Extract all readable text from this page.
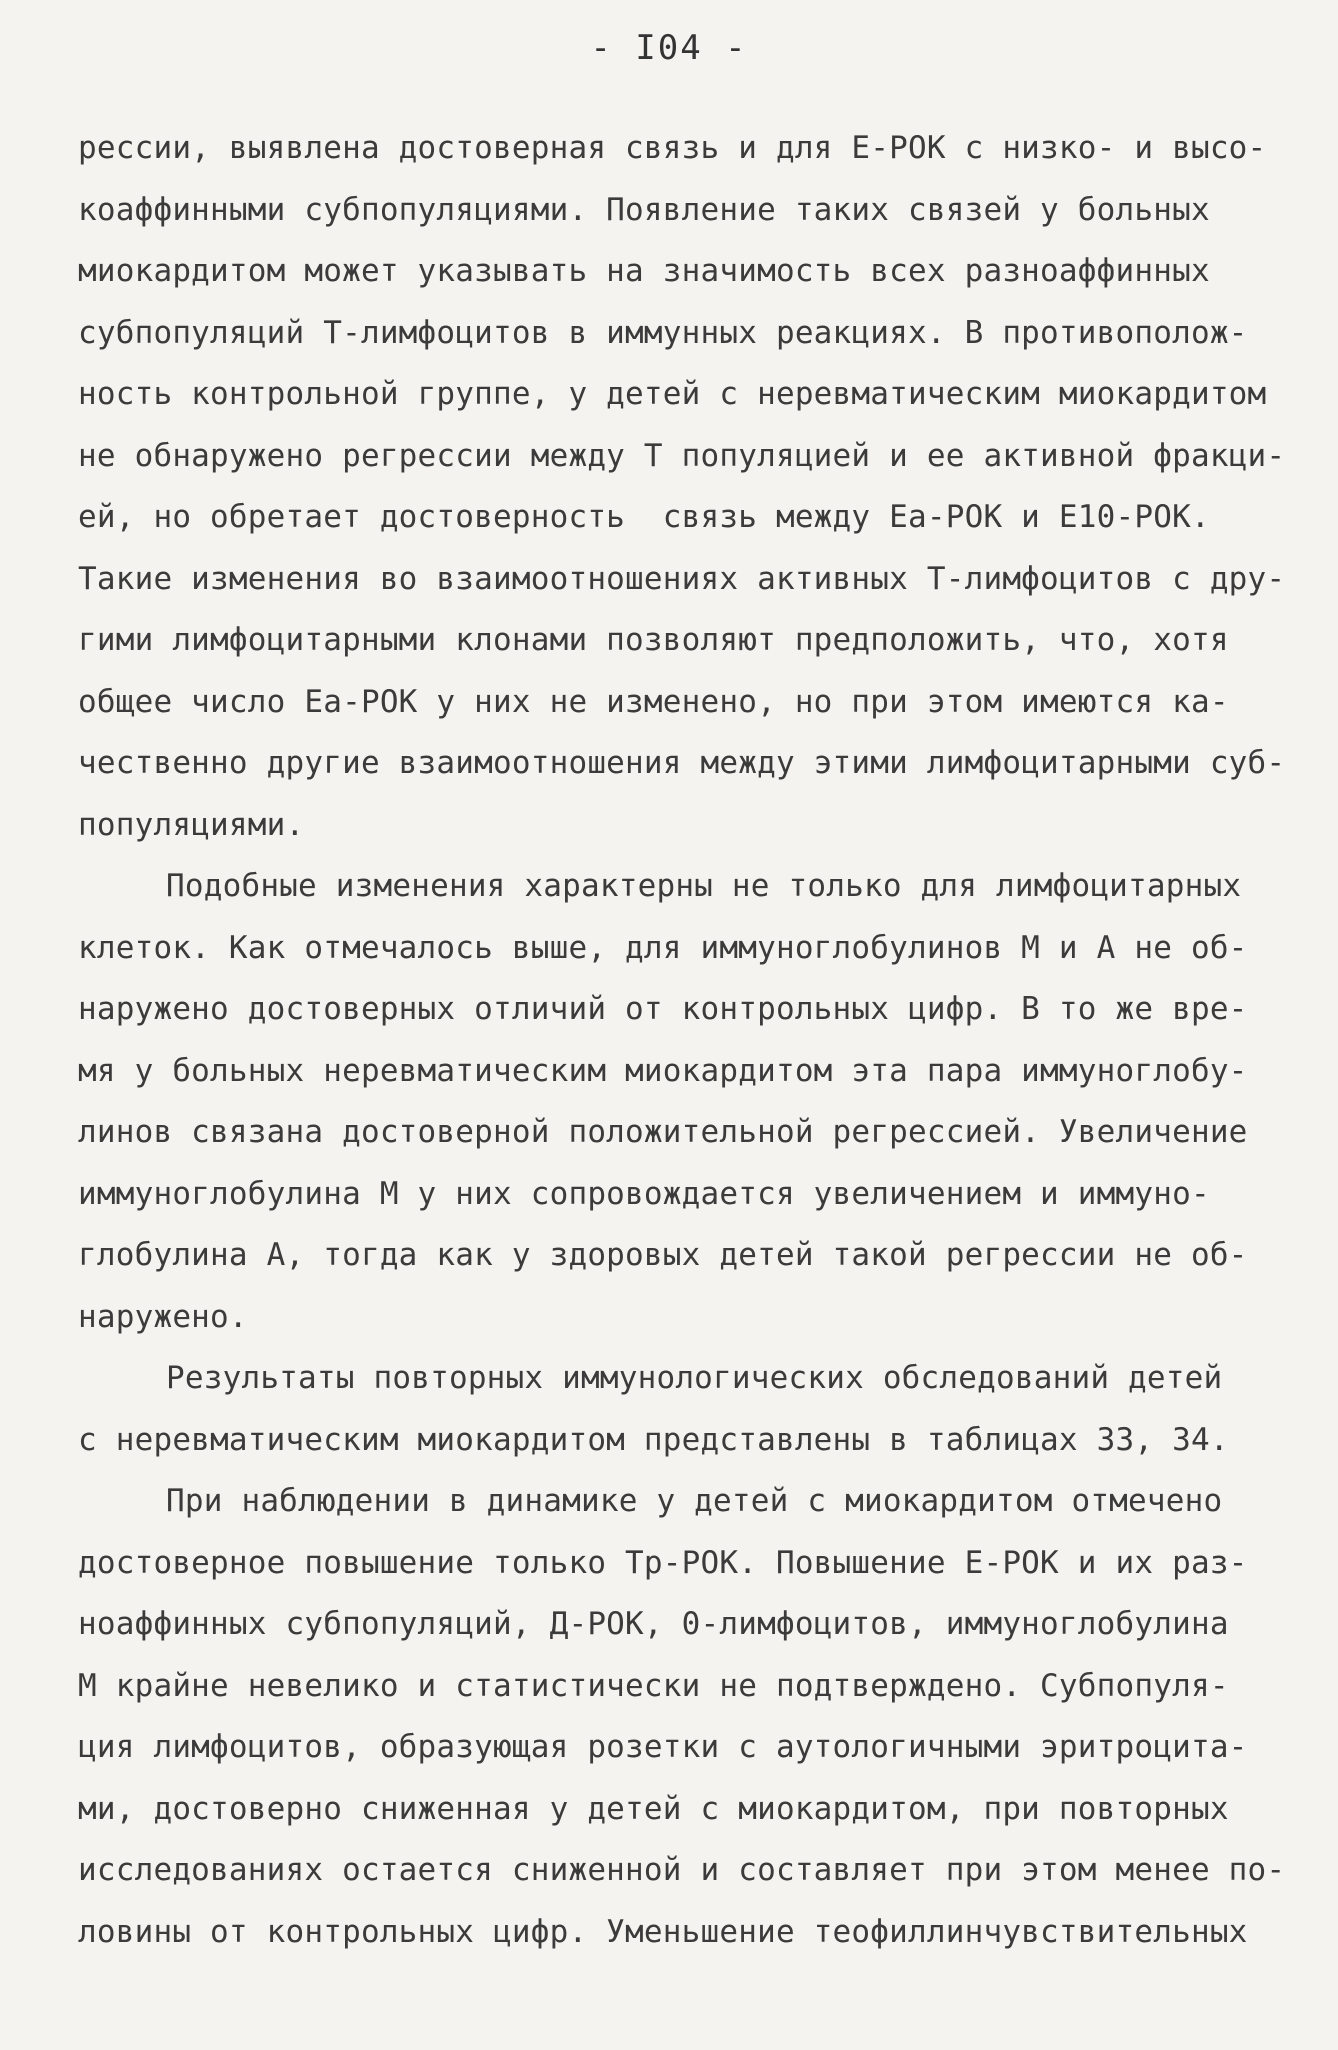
- I04 -
рессии, выявлена достоверная связь и для Е-РОК с низко- и высо-
коаффинными субпопуляциями. Появление таких связей у больных
миокардитом может указывать на значимость всех разноаффинных
субпопуляций Т-лимфоцитов в иммунных реакциях. В противополож-
ность контрольной группе, у детей с неревматическим миокардитом
не обнаружено регрессии между Т популяцией и ее активной фракци-
ей, но обретает достоверность  связь между Еа-РОК и Е10-РОК.
Такие изменения во взаимоотношениях активных Т-лимфоцитов с дру-
гими лимфоцитарными клонами позволяют предположить, что, хотя
общее число Еа-РОК у них не изменено, но при этом имеются ка-
чественно другие взаимоотношения между этими лимфоцитарными суб-
популяциями.
Подобные изменения характерны не только для лимфоцитарных
клеток. Как отмечалось выше, для иммуноглобулинов М и А не об-
наружено достоверных отличий от контрольных цифр. В то же вре-
мя у больных неревматическим миокардитом эта пара иммуноглобу-
линов связана достоверной положительной регрессией. Увеличение
иммуноглобулина М у них сопровождается увеличением и иммуно-
глобулина А, тогда как у здоровых детей такой регрессии не об-
наружено.
Результаты повторных иммунологических обследований детей
с неревматическим миокардитом представлены в таблицах 33, 34.
При наблюдении в динамике у детей с миокардитом отмечено
достоверное повышение только Тр-РОК. Повышение Е-РОК и их раз-
ноаффинных субпопуляций, Д-РОК, 0-лимфоцитов, иммуноглобулина
М крайне невелико и статистически не подтверждено. Субпопуля-
ция лимфоцитов, образующая розетки с аутологичными эритроцита-
ми, достоверно сниженная у детей с миокардитом, при повторных
исследованиях остается сниженной и составляет при этом менее по-
ловины от контрольных цифр. Уменьшение теофиллинчувствительных
